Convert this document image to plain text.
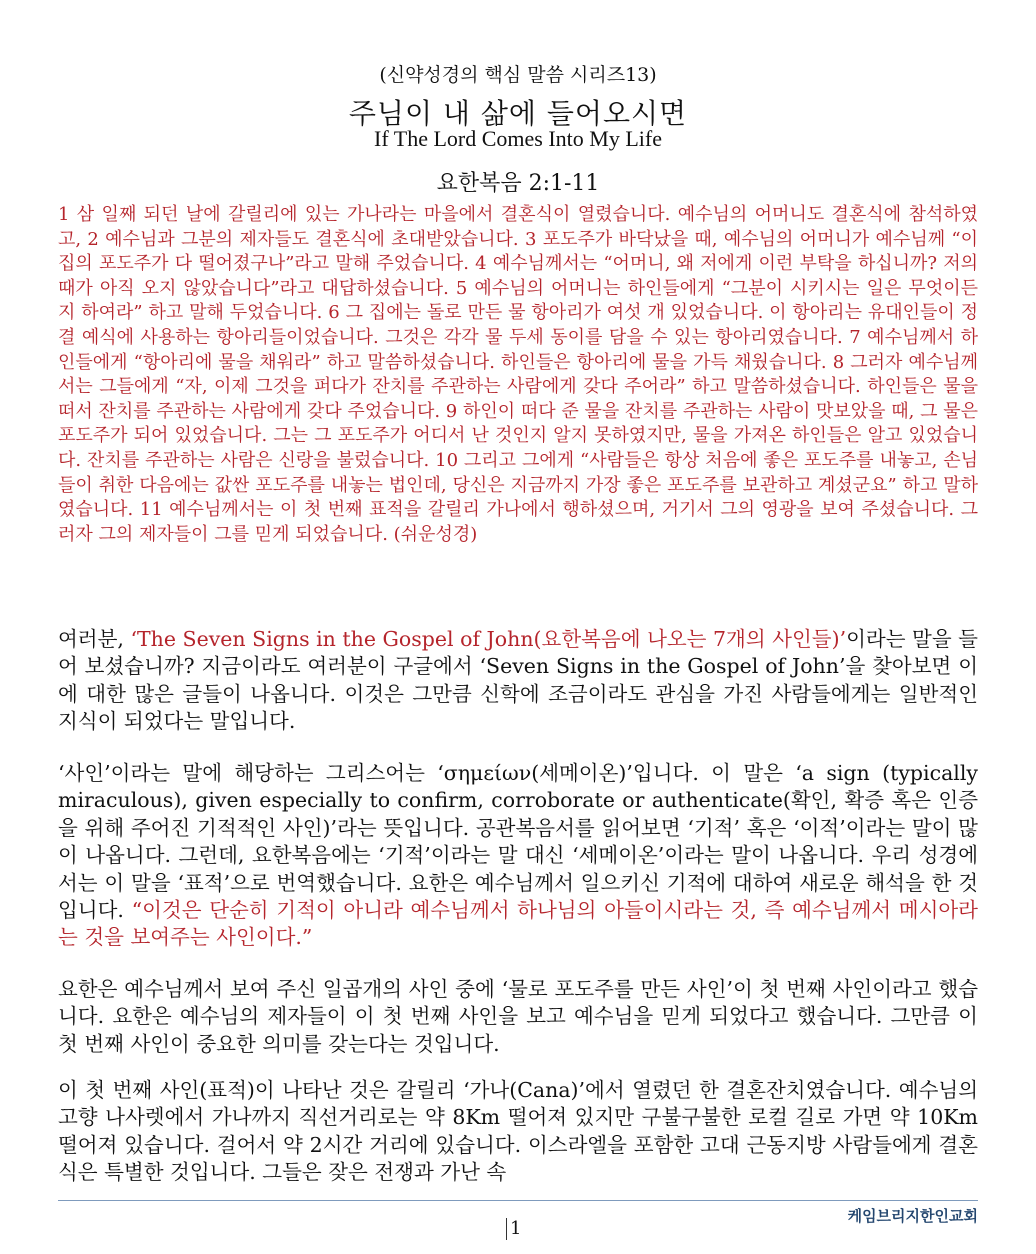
(신약성경의 핵심 말씀 시리즈13)
주님이 내 삶에 들어오시면
If The Lord Comes Into My Life
요한복음 2:1-11

1 삼 일째 되던 날에 갈릴리에 있는 가나라는 마을에서 결혼식이 열렸습니다. 예수님의 어머니도 결혼식에 참석하였고, 2 예수님과 그분의 제자들도 결혼식에 초대받았습니다. 3 포도주가 바닥났을 때, 예수님의 어머니가 예수님께 “이 집의 포도주가 다 떨어졌구나”라고 말해 주었습니다. 4 예수님께서는 “어머니, 왜 저에게 이런 부탁을 하십니까? 저의 때가 아직 오지 않았습니다”라고 대답하셨습니다. 5 예수님의 어머니는 하인들에게 “그분이 시키시는 일은 무엇이든지 하여라” 하고 말해 두었습니다. 6 그 집에는 돌로 만든 물 항아리가 여섯 개 있었습니다. 이 항아리는 유대인들이 정결 예식에 사용하는 항아리들이었습니다. 그것은 각각 물 두세 동이를 담을 수 있는 항아리였습니다. 7 예수님께서 하인들에게 “항아리에 물을 채워라” 하고 말씀하셨습니다. 하인들은 항아리에 물을 가득 채웠습니다. 8 그러자 예수님께서는 그들에게 “자, 이제 그것을 퍼다가 잔치를 주관하는 사람에게 갖다 주어라” 하고 말씀하셨습니다. 하인들은 물을 떠서 잔치를 주관하는 사람에게 갖다 주었습니다. 9 하인이 떠다 준 물을 잔치를 주관하는 사람이 맛보았을 때, 그 물은 포도주가 되어 있었습니다. 그는 그 포도주가 어디서 난 것인지 알지 못하였지만, 물을 가져온 하인들은 알고 있었습니다. 잔치를 주관하는 사람은 신랑을 불렀습니다. 10 그리고 그에게 “사람들은 항상 처음에 좋은 포도주를 내놓고, 손님들이 취한 다음에는 값싼 포도주를 내놓는 법인데, 당신은 지금까지 가장 좋은 포도주를 보관하고 계셨군요” 하고 말하였습니다. 11 예수님께서는 이 첫 번째 표적을 갈릴리 가나에서 행하셨으며, 거기서 그의 영광을 보여 주셨습니다. 그러자 그의 제자들이 그를 믿게 되었습니다. (쉬운성경)

여러분, ‘The Seven Signs in the Gospel of John(요한복음에 나오는 7개의 사인들)’이라는 말을 들어 보셨습니까? 지금이라도 여러분이 구글에서 ‘Seven Signs in the Gospel of John’을 찾아보면 이에 대한 많은 글들이 나옵니다. 이것은 그만큼 신학에 조금이라도 관심을 가진 사람들에게는 일반적인 지식이 되었다는 말입니다.

‘사인’이라는 말에 해당하는 그리스어는 ‘σημείων(세메이온)’입니다. 이 말은 ‘a sign (typically miraculous), given especially to confirm, corroborate or authenticate(확인, 확증 혹은 인증을 위해 주어진 기적적인 사인)’라는 뜻입니다. 공관복음서를 읽어보면 ‘기적’ 혹은 ‘이적’이라는 말이 많이 나옵니다. 그런데, 요한복음에는 ‘기적’이라는 말 대신 ‘세메이온’이라는 말이 나옵니다. 우리 성경에서는 이 말을 ‘표적’으로 번역했습니다. 요한은 예수님께서 일으키신 기적에 대하여 새로운 해석을 한 것입니다. “이것은 단순히 기적이 아니라 예수님께서 하나님의 아들이시라는 것, 즉 예수님께서 메시아라는 것을 보여주는 사인이다.”

요한은 예수님께서 보여 주신 일곱개의 사인 중에 ‘물로 포도주를 만든 사인’이 첫 번째 사인이라고 했습니다. 요한은 예수님의 제자들이 이 첫 번째 사인을 보고 예수님을 믿게 되었다고 했습니다. 그만큼 이 첫 번째 사인이 중요한 의미를 갖는다는 것입니다.

이 첫 번째 사인(표적)이 나타난 것은 갈릴리 ‘가나(Cana)’에서 열렸던 한 결혼잔치였습니다. 예수님의 고향 나사렛에서 가나까지 직선거리로는 약 8Km 떨어져 있지만 구불구불한 로컬 길로 가면 약 10Km 떨어져 있습니다. 걸어서 약 2시간 거리에 있습니다. 이스라엘을 포함한 고대 근동지방 사람들에게 결혼식은 특별한 것입니다. 그들은 잦은 전쟁과 가난 속

케임브리지한인교회
1
